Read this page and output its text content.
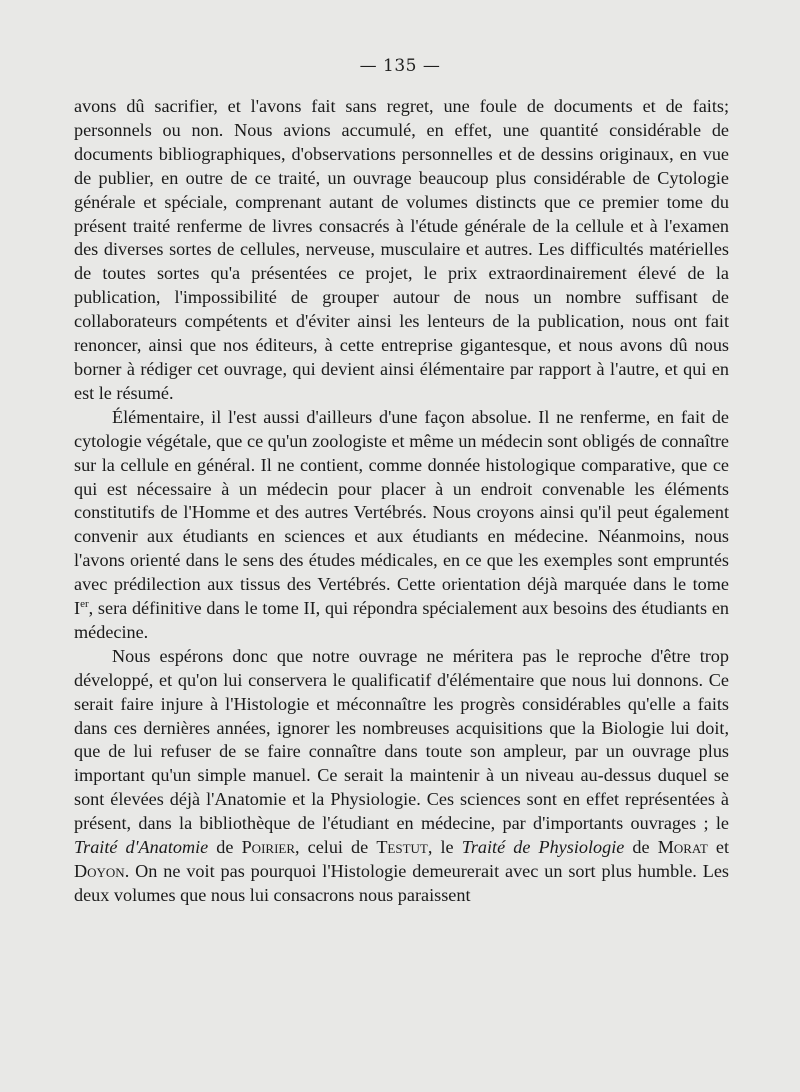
— 135 —

avons dû sacrifier, et l'avons fait sans regret, une foule de documents et de faits; personnels ou non. Nous avions accumulé, en effet, une quantité considérable de documents bibliographiques, d'observations personnelles et de dessins originaux, en vue de publier, en outre de ce traité, un ouvrage beaucoup plus considérable de Cytologie générale et spéciale, comprenant autant de volumes distincts que ce premier tome du présent traité renferme de livres consacrés à l'étude générale de la cellule et à l'examen des diverses sortes de cellules, nerveuse, musculaire et autres. Les difficultés matérielles de toutes sortes qu'a présentées ce projet, le prix extraordinairement élevé de la publication, l'impossibilité de grouper autour de nous un nombre suffisant de collaborateurs compétents et d'éviter ainsi les lenteurs de la publication, nous ont fait renoncer, ainsi que nos éditeurs, à cette entreprise gigantesque, et nous avons dû nous borner à rédiger cet ouvrage, qui devient ainsi élémentaire par rapport à l'autre, et qui en est le résumé.

Élémentaire, il l'est aussi d'ailleurs d'une façon absolue. Il ne renferme, en fait de cytologie végétale, que ce qu'un zoologiste et même un médecin sont obligés de connaître sur la cellule en général. Il ne contient, comme donnée histologique comparative, que ce qui est nécessaire à un médecin pour placer à un endroit convenable les éléments constitutifs de l'Homme et des autres Vertébrés. Nous croyons ainsi qu'il peut également convenir aux étudiants en sciences et aux étudiants en médecine. Néanmoins, nous l'avons orienté dans le sens des études médicales, en ce que les exemples sont empruntés avec prédilection aux tissus des Vertébrés. Cette orientation déjà marquée dans le tome Ier, sera définitive dans le tome II, qui répondra spécialement aux besoins des étudiants en médecine.

Nous espérons donc que notre ouvrage ne méritera pas le reproche d'être trop développé, et qu'on lui conservera le qualificatif d'élémentaire que nous lui donnons. Ce serait faire injure à l'Histologie et méconnaître les progrès considérables qu'elle a faits dans ces dernières années, ignorer les nombreuses acquisitions que la Biologie lui doit, que de lui refuser de se faire connaître dans toute son ampleur, par un ouvrage plus important qu'un simple manuel. Ce serait la maintenir à un niveau au-dessus duquel se sont élevées déjà l'Anatomie et la Physiologie. Ces sciences sont en effet représentées à présent, dans la bibliothèque de l'étudiant en médecine, par d'importants ouvrages ; le Traité d'Anatomie de Poirier, celui de Testut, le Traité de Physiologie de Morat et Doyon. On ne voit pas pourquoi l'Histologie demeurerait avec un sort plus humble. Les deux volumes que nous lui consacrons nous paraissent
